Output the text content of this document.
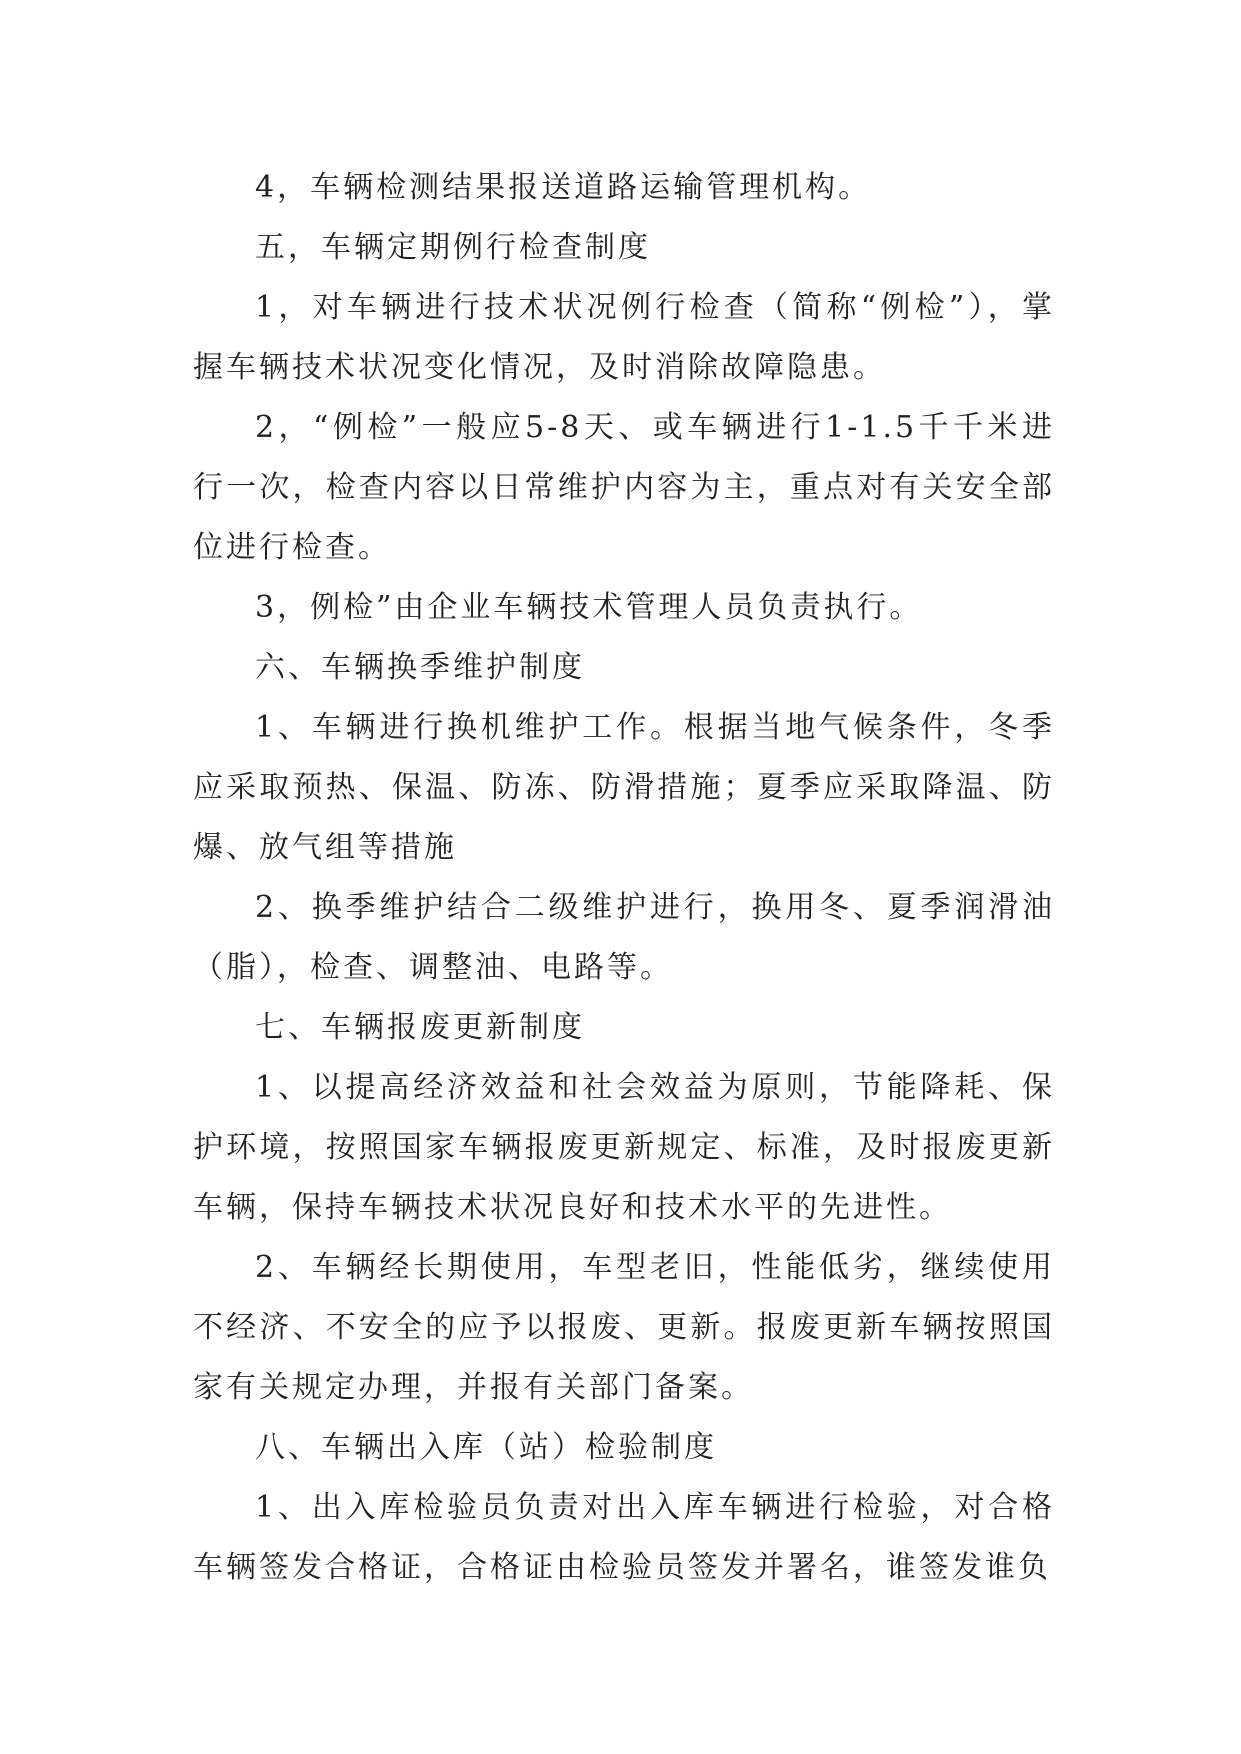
4，车辆检测结果报送道路运输管理机构。

五，车辆定期例行检查制度

1，对车辆进行技术状况例行检查（简称“例检”），掌握车辆技术状况变化情况，及时消除故障隐患。

2，“例检”一般应5-8天、或车辆进行1-1.5千千米进行一次，检查内容以日常维护内容为主，重点对有关安全部位进行检查。

3，例检”由企业车辆技术管理人员负责执行。

六、车辆换季维护制度

1、车辆进行换机维护工作。根据当地气候条件，冬季应采取预热、保温、防冻、防滑措施；夏季应采取降温、防爆、放气组等措施

2、换季维护结合二级维护进行，换用冬、夏季润滑油（脂），检查、调整油、电路等。

七、车辆报废更新制度

1、以提高经济效益和社会效益为原则，节能降耗、保护环境，按照国家车辆报废更新规定、标准，及时报废更新车辆，保持车辆技术状况良好和技术水平的先进性。

2、车辆经长期使用，车型老旧，性能低劣，继续使用不经济、不安全的应予以报废、更新。报废更新车辆按照国家有关规定办理，并报有关部门备案。

八、车辆出入库（站）检验制度

1、出入库检验员负责对出入库车辆进行检验，对合格车辆签发合格证，合格证由检验员签发并署名，谁签发谁负
